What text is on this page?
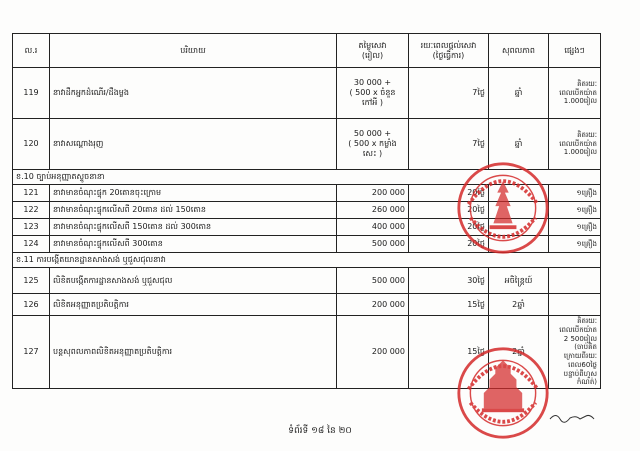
ល.រ	បរិយាយ	តម្លៃសេវា
(រៀល)	រយៈពេលផ្តល់សេវា
(ថ្ងៃធ្វើការ)	សុពលភាព	ផ្សេងៗ
119	នាវាដឹកអ្នកដំណើរ/ដឹងម្លង	30 000 +
( 500 x ចំនួន
កៅអី )	7ថ្ងៃ	ឆ្នាំ	គិតរយៈពេលបើកយ៉ាត
1.000រៀល

120	នាវាសណ្តោងរុញ	50 000 +
( 500 x កម្លាំង
សេះ )	7ថ្ងៃ	ឆ្នាំ	គិតរយៈពេលបើកយ៉ាត
1.000រៀល

ខ.10 ច្បាប់អនុញ្ញាតស្ទូចនានា					
121	នាវាមានចំណុះផ្ទុក 20តោនចុះក្រោម	200 000	20ថ្ងៃ		១គ្រឿង
122	នាវាមានចំណុះផ្ទុកលើសពី 20តោន ដល់ 150តោន	260 000	20ថ្ងៃ		១គ្រឿង
123	នាវាមានចំណុះផ្ទុកលើសពី 150តោន ដល់ 300តោន	400 000	20ថ្ងៃ		១គ្រឿង
124	នាវាមានចំណុះផ្ទុកលើសពី 300តោន	500 000	20ថ្ងៃ		១គ្រឿង
ខ.11 ការបង្កើតយានដ្ឋានសាងសង់ ឬជួសជុលនាវា					
125	លិខិតបង្កើតការដ្ឋានសាងសង់ ឬជួសជុល	500 000	30ថ្ងៃ	អចិន្ត្រៃយ៍	
126	លិខិតអនុញ្ញាតប្រតិបត្តិការ	200 000	15ថ្ងៃ	2ឆ្នាំ	
127	បន្តសុពលភាពលិខិតអនុញ្ញាតប្រតិបត្តិការ	200 000	15ថ្ងៃ	2ឆ្នាំ	គិតរយៈពេលបើកយ៉ាត
2 500រៀល (ចាប់គិត
ក្រោយពីរយៈពេល60ថ្ងៃ
បន្ទាប់ពីហួសកំណត់)
ទំព័រទី ១៨ នៃ ២០
